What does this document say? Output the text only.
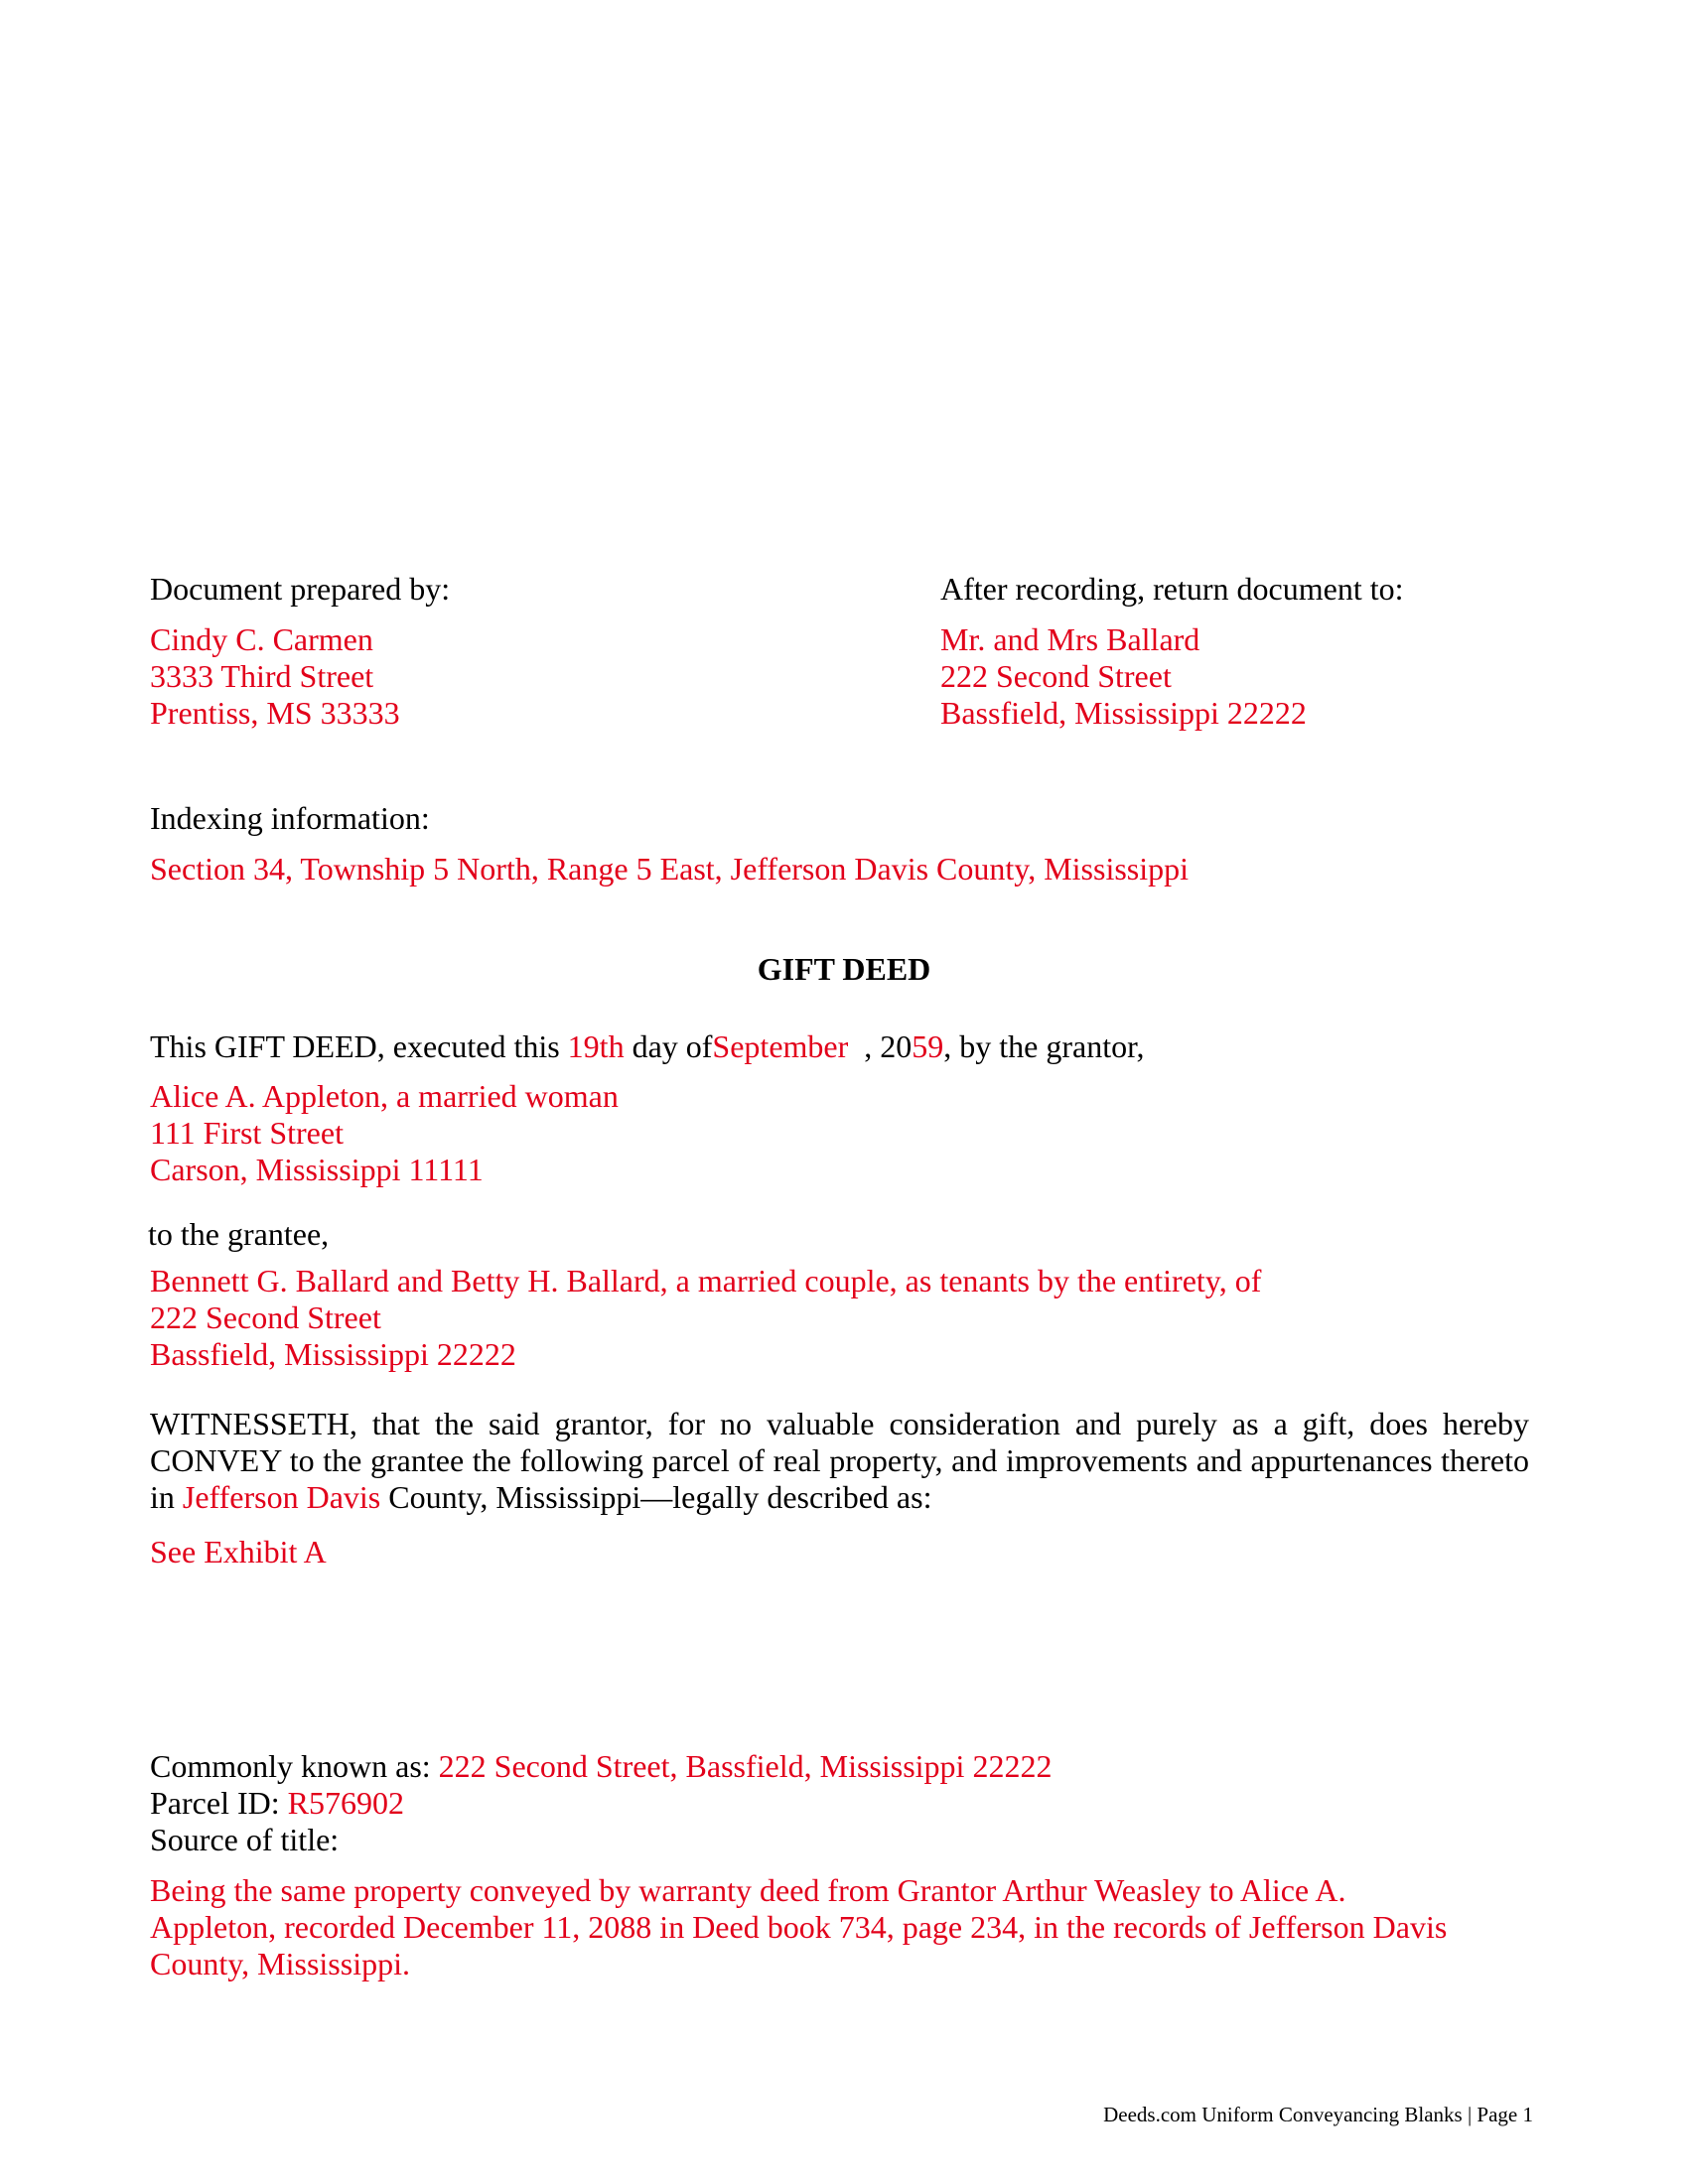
Document prepared by:
Cindy C. Carmen
3333 Third Street
Prentiss, MS 33333
After recording, return document to:
Mr. and Mrs Ballard
222 Second Street
Bassfield, Mississippi 22222
Indexing information:
Section 34, Township 5 North, Range 5 East, Jefferson Davis County, Mississippi
GIFT DEED
This GIFT DEED, executed this 19th day ofSeptember , 2059, by the grantor,
Alice A. Appleton, a married woman
111 First Street
Carson, Mississippi 11111
to the grantee,
Bennett G. Ballard and Betty H. Ballard, a married couple, as tenants by the entirety, of
222 Second Street
Bassfield, Mississippi 22222
WITNESSETH, that the said grantor, for no valuable consideration and purely as a gift, does hereby CONVEY to the grantee the following parcel of real property, and improvements and appurtenances thereto in Jefferson Davis County, Mississippi—legally described as:
See Exhibit A
Commonly known as: 222 Second Street, Bassfield, Mississippi 22222
Parcel ID: R576902
Source of title:
Being the same property conveyed by warranty deed from Grantor Arthur Weasley to Alice A.
Appleton, recorded December 11, 2088 in Deed book 734, page 234, in the records of Jefferson Davis
County, Mississippi.
Deeds.com Uniform Conveyancing Blanks | Page 1
